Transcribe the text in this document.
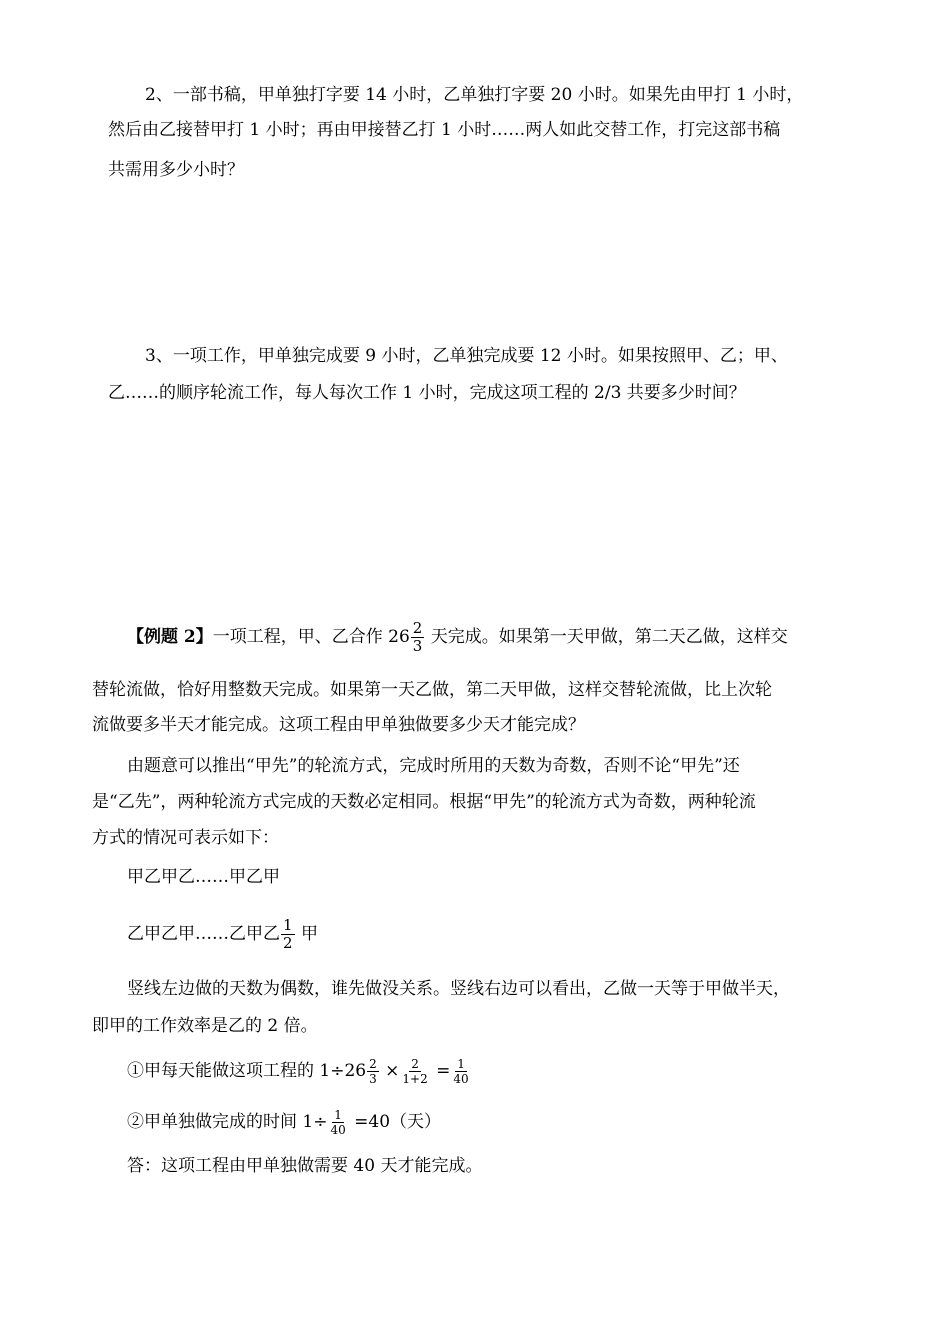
2、一部书稿，甲单独打字要 14 小时，乙单独打字要 20 小时。如果先由甲打 1 小时，
然后由乙接替甲打 1 小时；再由甲接替乙打 1 小时……两人如此交替工作，打完这部书稿
共需用多少小时？
3、一项工作，甲单独完成要 9 小时，乙单独完成要 12 小时。如果按照甲、乙；甲、
乙……的顺序轮流工作，每人每次工作 1 小时，完成这项工程的 2/3 共要多少时间？
【例题 2】一项工程，甲、乙合作 $26 \frac{2}{3}$ 天完成。如果第一天甲做，第二天乙做，这样交
替轮流做，恰好用整数天完成。如果第一天乙做，第二天甲做，这样交替轮流做，比上次轮
流做要多半天才能完成。这项工程由甲单独做要多少天才能完成？
由题意可以推出“甲先”的轮流方式，完成时所用的天数为奇数，否则不论“甲先”还
是“乙先”，两种轮流方式完成的天数必定相同。根据“甲先”的轮流方式为奇数，两种轮流
方式的情况可表示如下：
甲乙甲乙……甲乙甲
乙甲乙甲……乙甲乙 $\frac{1}{2}$ 甲
竖线左边做的天数为偶数，谁先做没关系。竖线右边可以看出，乙做一天等于甲做半天，
即甲的工作效率是乙的 2 倍。
①甲每天能做这项工程的 $1\div 26 \frac{2}{3} \times \frac{2}{1+2} = \frac{1}{40}$
②甲单独做完成的时间 $1\div \frac{1}{40} =40$（天）
答：这项工程由甲单独做需要 40 天才能完成。
